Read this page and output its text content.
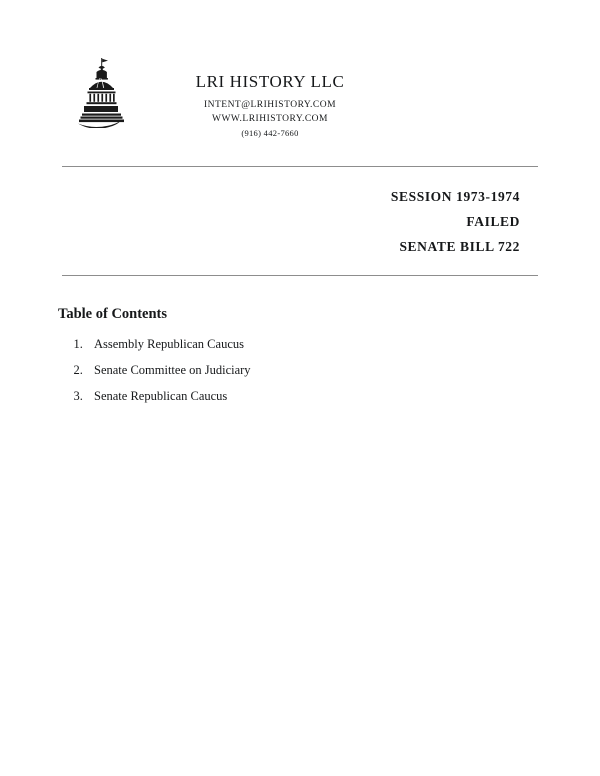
LRI HISTORY LLC
INTENT@LRIHISTORY.COM
WWW.LRIHISTORY.COM
(916) 442-7660
SESSION 1973-1974
FAILED
SENATE BILL 722
Table of Contents
1. Assembly Republican Caucus
2. Senate Committee on Judiciary
3. Senate Republican Caucus
